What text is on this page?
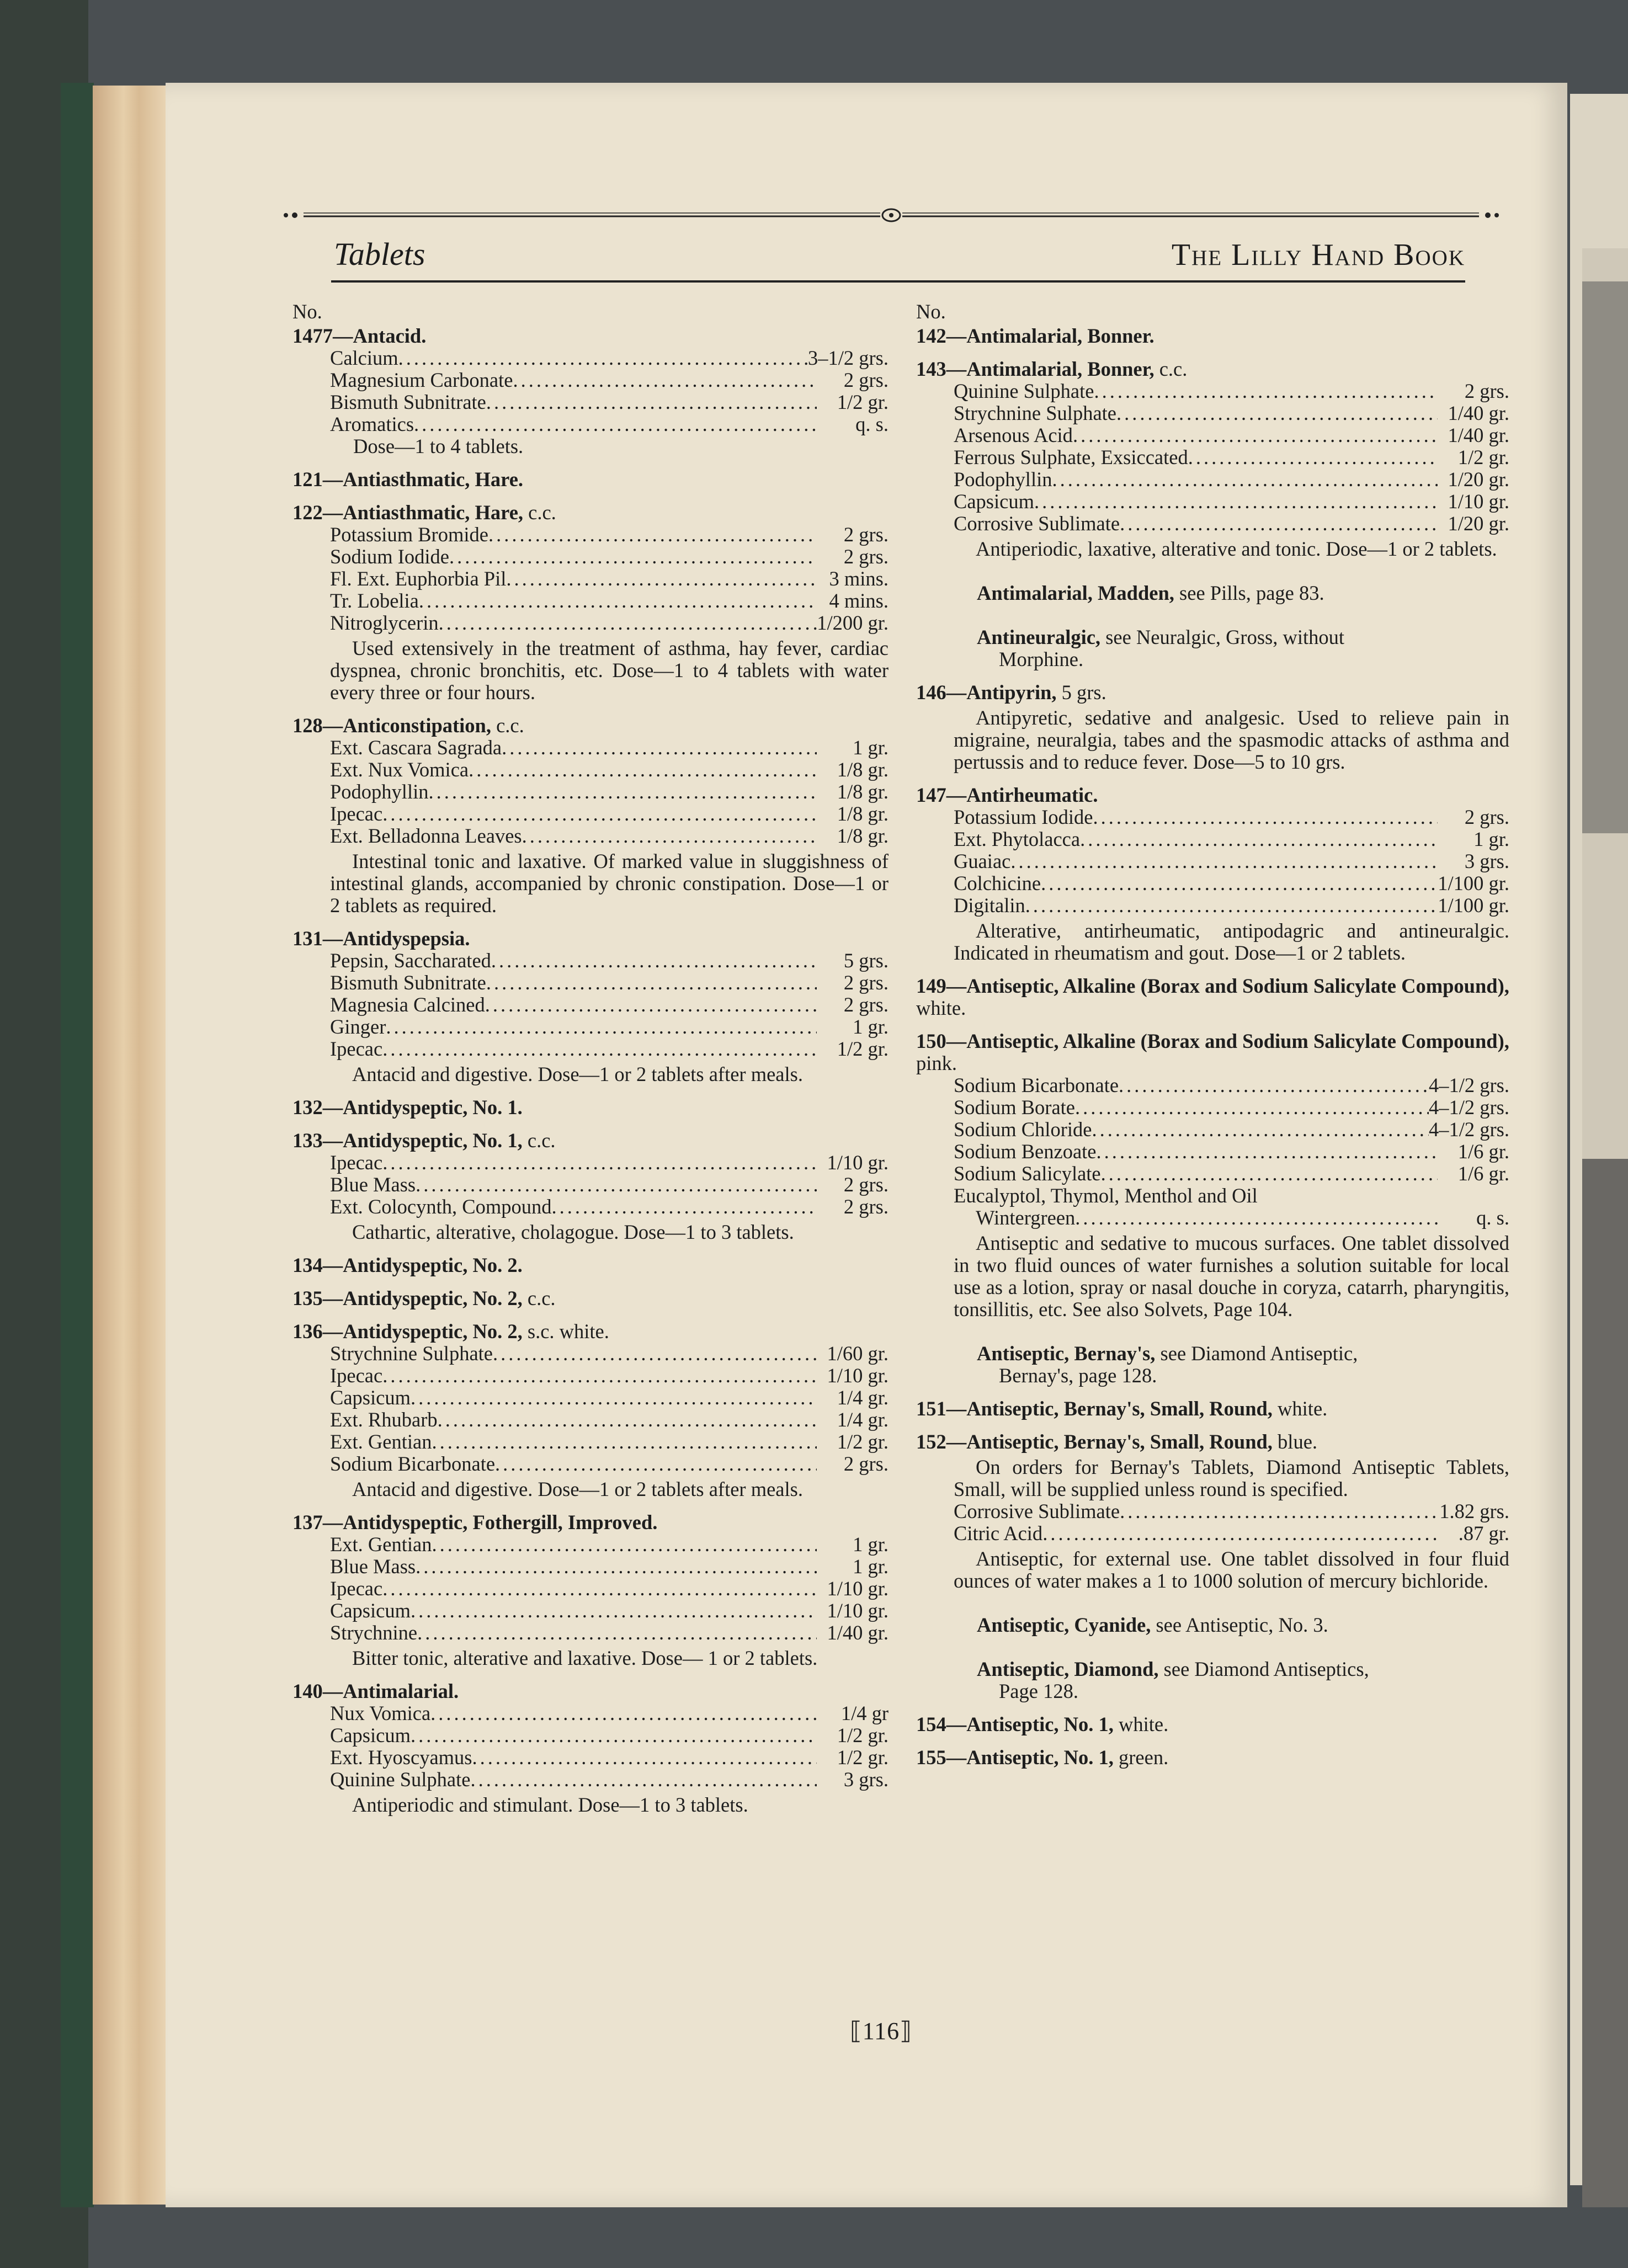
Tablets	The Lilly Hand Book
No.
1477—Antacid.
Calcium .....	3–1/2 grs.
Magnesium Carbonate .....	2 grs.
Bismuth Subnitrate .....	1/2 gr.
Aromatics .....	q. s.
Dose—1 to 4 tablets.
121—Antiasthmatic, Hare.
122—Antiasthmatic, Hare, c.c.
Potassium Bromide .....	2 grs.
Sodium Iodide .....	2 grs.
Fl. Ext. Euphorbia Pil .....	3 mins.
Tr. Lobelia .....	4 mins.
Nitroglycerin .....	1/200 gr.
Used extensively in the treatment of asthma, hay fever, cardiac dyspnea, chronic bronchitis, etc. Dose—1 to 4 tablets with water every three or four hours.
128—Anticonstipation, c.c.
Ext. Cascara Sagrada .....	1 gr.
Ext. Nux Vomica .....	1/8 gr.
Podophyllin .....	1/8 gr.
Ipecac .....	1/8 gr.
Ext. Belladonna Leaves .....	1/8 gr.
Intestinal tonic and laxative. Of marked value in sluggishness of intestinal glands, accompanied by chronic constipation. Dose—1 or 2 tablets as required.
131—Antidyspepsia.
Pepsin, Saccharated .....	5 grs.
Bismuth Subnitrate .....	2 grs.
Magnesia Calcined .....	2 grs.
Ginger .....	1 gr.
Ipecac .....	1/2 gr.
Antacid and digestive. Dose—1 or 2 tablets after meals.
132—Antidyspeptic, No. 1.
133—Antidyspeptic, No. 1, c.c.
Ipecac .....	1/10 gr.
Blue Mass .....	2 grs.
Ext. Colocynth, Compound .....	2 grs.
Cathartic, alterative, cholagogue. Dose—1 to 3 tablets.
134—Antidyspeptic, No. 2.
135—Antidyspeptic, No. 2, c.c.
136—Antidyspeptic, No. 2, s.c. white.
Strychnine Sulphate .....	1/60 gr.
Ipecac .....	1/10 gr.
Capsicum .....	1/4 gr.
Ext. Rhubarb .....	1/4 gr.
Ext. Gentian .....	1/2 gr.
Sodium Bicarbonate .....	2 grs.
Antacid and digestive. Dose—1 or 2 tablets after meals.
137—Antidyspeptic, Fothergill, Improved.
Ext. Gentian .....	1 gr.
Blue Mass .....	1 gr.
Ipecac .....	1/10 gr.
Capsicum .....	1/10 gr.
Strychnine .....	1/40 gr.
Bitter tonic, alterative and laxative. Dose— 1 or 2 tablets.
140—Antimalarial.
Nux Vomica .....	1/4 gr
Capsicum .....	1/2 gr.
Ext. Hyoscyamus .....	1/2 gr.
Quinine Sulphate .....	3 grs.
Antiperiodic and stimulant. Dose—1 to 3 tablets.
No.
142—Antimalarial, Bonner.
143—Antimalarial, Bonner, c.c.
Quinine Sulphate .....	2 grs.
Strychnine Sulphate .....	1/40 gr.
Arsenous Acid .....	1/40 gr.
Ferrous Sulphate, Exsiccated .....	1/2 gr.
Podophyllin .....	1/20 gr.
Capsicum .....	1/10 gr.
Corrosive Sublimate .....	1/20 gr.
Antiperiodic, laxative, alterative and tonic. Dose—1 or 2 tablets.
Antimalarial, Madden, see Pills, page 83.
Antineuralgic, see Neuralgic, Gross, without
Morphine.
146—Antipyrin, 5 grs.
Antipyretic, sedative and analgesic. Used to relieve pain in migraine, neuralgia, tabes and the spasmodic attacks of asthma and pertussis and to reduce fever. Dose—5 to 10 grs.
147—Antirheumatic.
Potassium Iodide .....	2 grs.
Ext. Phytolacca .....	1 gr.
Guaiac .....	3 grs.
Colchicine .....	1/100 gr.
Digitalin .....	1/100 gr.
Alterative, antirheumatic, antipodagric and antineuralgic. Indicated in rheumatism and gout. Dose—1 or 2 tablets.
149—Antiseptic, Alkaline (Borax and Sodium Salicylate Compound), white.
150—Antiseptic, Alkaline (Borax and Sodium Salicylate Compound), pink.
Sodium Bicarbonate .....	4–1/2 grs.
Sodium Borate .....	4–1/2 grs.
Sodium Chloride .....	4–1/2 grs.
Sodium Benzoate .....	1/6 gr.
Sodium Salicylate .....	1/6 gr.
Eucalyptol, Thymol, Menthol and Oil
Wintergreen .....	q. s.
Antiseptic and sedative to mucous surfaces. One tablet dissolved in two fluid ounces of water furnishes a solution suitable for local use as a lotion, spray or nasal douche in coryza, catarrh, pharyngitis, tonsillitis, etc. See also Solvets, Page 104.
Antiseptic, Bernay's, see Diamond Antiseptic,
Bernay's, page 128.
151—Antiseptic, Bernay's, Small, Round, white.
152—Antiseptic, Bernay's, Small, Round, blue.
On orders for Bernay's Tablets, Diamond Antiseptic Tablets, Small, will be supplied unless round is specified.
Corrosive Sublimate .....	1.82 grs.
Citric Acid .....	.87 gr.
Antiseptic, for external use. One tablet dissolved in four fluid ounces of water makes a 1 to 1000 solution of mercury bichloride.
Antiseptic, Cyanide, see Antiseptic, No. 3.
Antiseptic, Diamond, see Diamond Antiseptics,
Page 128.
154—Antiseptic, No. 1, white.
155—Antiseptic, No. 1, green.
⟦116⟧
